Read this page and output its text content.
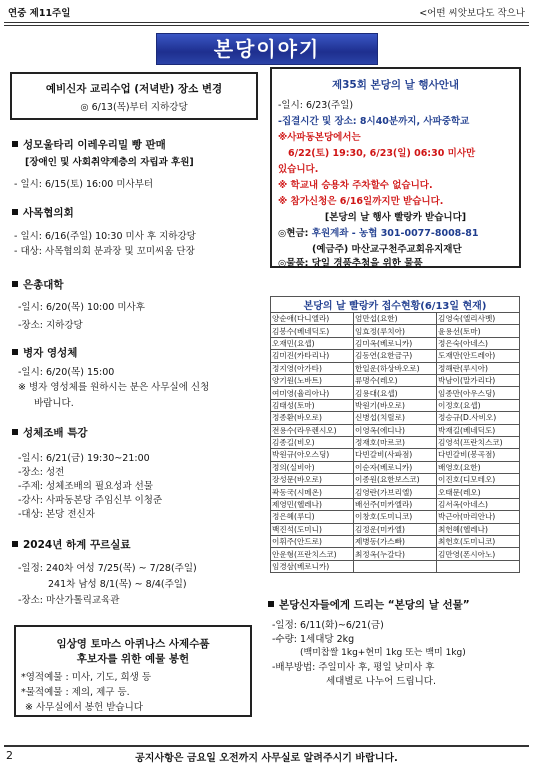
연중 제11주일	<어떤 씨앗보다도 작으나
본당이야기
예비신자 교리수업 (저녁반) 장소 변경
◎ 6/13(목)부터 지하강당
성모울타리 이레우리밀 빵 판매
[장애인 및 사회취약계층의 자립과 후원]
- 일시: 6/15(토) 16:00 미사부터
사목협의회
- 일시: 6/16(주일) 10:30 미사 후 지하강당
- 대상: 사목협의회 분과장 및 꼬미씨움 단장
은총대학
-일시: 6/20(목) 10:00 미사후
-장소: 지하강당
병자 영성체
-일시: 6/20(목) 15:00
※ 병자 영성체를 원하시는 분은 사무실에 신청
바랍니다.
성체조배 특강
-일시: 6/21(금) 19:30~21:00
-장소: 성전
-주제: 성체조배의 필요성과 선물
-강사: 사파동본당 주임신부 이청준
-대상: 본당 전신자
2024년 하계 꾸르실료
-일정: 240차 여성 7/25(목) ~ 7/28(주일)
241차 남성 8/1(목) ~ 8/4(주일)
-장소: 마산가톨릭교육관
임상영 토마스 아퀴나스 사제수품
후보자를 위한 예물 봉헌
*영적예물 : 미사, 기도, 희생 등
*물적예물 : 제의, 제구 등.
※ 사무실에서 봉헌 받습니다
제35회 본당의 날 행사안내
-일시: 6/23(주일)
-집결시간 및 장소: 8시40분까지, 사파중학교
※사파동본당에서는
6/22(토) 19:30, 6/23(일) 06:30 미사만
있습니다.
※ 학교내 승용차 주차할수 없습니다.
※ 참가신청은 6/16일까지만 받습니다.
[본당의 날 행사 빨랑카 받습니다]
◎현금: 후원계좌 - 농협 301-0077-8008-81
(예금주) 마산교구천주교회유지재단
◎물품: 당일 경품추첨을 위한 물품
본당의 날 빨랑카 접수현황(6/13일 현재)		
양순애(다니엘라)	엄만섭(요한)	김영숙(엘리사벳)
김봉수(베네딕도)	임효정(루치아)	윤용선(토마)
오재민(요셉)	김미옥(베로니카)	정은숙(아네스)
김미진(카타리나)	김동연(요한금구)	도재만(안드레아)
정지영(아가타)	한일운(하상바오로)	정해란(루시아)
양기원(노바트)	류명수(레오)	박남이(말가리다)
여미영(율리아나)	김용대(요셉)	임종만(아우스딩)
김태성(토마)	박원기(바오로)	이정호(요셉)
정종환(바오로)	신병섭(치릴로)	정승규(D.사비오)
전용수(라우렌시오)	이영옥(에디나)	박재길(베네딕도)
김종길(비오)	정재호(마르코)	김영석(프란치스코)
박원규(아오스딩)	다빈갈비(사파점)	다빈갈비(봉곡점)
정의(실비아)	이순자(베로니카)	배영호(요한)
장성문(바오로)	이종원(요한보스코)	이진호(디모테오)
곽동국(시메온)	김영란(가브리엘)	오태문(레오)
제영민(헬레나)	배선주(미카엘라)	김서옥(아네스)
정은혜(루디)	이창호(도미니코)	박근아(마리안나)
백진석(도미니)	김정운(미카엘)	최헌혜(헬레나)
이휘주(안드로)	제병동(가스빠)	최헌호(도미니코)
안운형(프란치스코)	최정옥(누갈다)	김만영(폰시아노)
임경삼(베로니카)		
본당신자들에게 드리는 “본당의 날 선물”
-일정: 6/11(화)~6/21(금)
-수량: 1세대당 2kg
(백미찹쌀 1kg+현미 1kg 또는 백미 1kg)
-배부방법: 주일미사 후, 평일 낮미사 후
세대별로 나누어 드립니다.
2	공지사항은 금요일 오전까지 사무실로 알려주시기 바랍니다.
